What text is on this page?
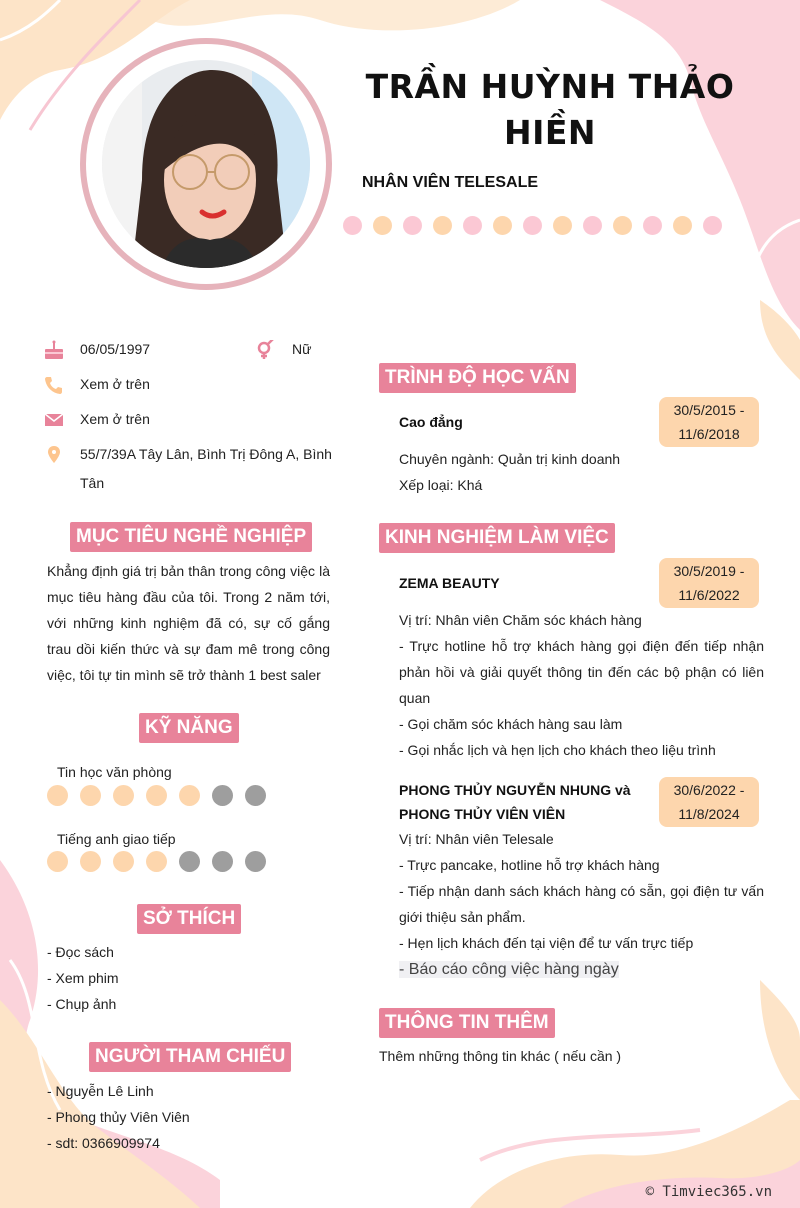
TRẦN HUỲNH THẢO HIỀN
NHÂN VIÊN TELESALE
06/05/1997	Nữ
Xem ở trên
Xem ở trên
55/7/39A Tây Lân, Bình Trị Đông A, Bình Tân
MỤC TIÊU NGHỀ NGHIỆP
Khẳng định giá trị bản thân trong công việc là mục tiêu hàng đầu của tôi. Trong 2 năm tới, với những kinh nghiệm đã có, sự cố gắng trau dồi kiến thức và sự đam mê trong công việc, tôi tự tin mình sẽ trở thành 1 best saler
KỸ NĂNG
Tin học văn phòng
Tiếng anh giao tiếp
SỞ THÍCH
- Đọc sách
- Xem phim
- Chụp ảnh
NGƯỜI THAM CHIẾU
- Nguyễn Lê Linh
- Phong thủy Viên Viên
- sdt: 0366909974
TRÌNH ĐỘ HỌC VẤN
Cao đẳng
30/5/2015 -
11/6/2018
Chuyên ngành: Quản trị kinh doanh
Xếp loại: Khá
KINH NGHIỆM LÀM VIỆC
ZEMA BEAUTY
30/5/2019 -
11/6/2022
Vị trí: Nhân viên Chăm sóc khách hàng
- Trực hotline hỗ trợ khách hàng gọi điện đến tiếp nhận phản hồi và giải quyết thông tin đến các bộ phận có liên quan
- Gọi chăm sóc khách hàng sau làm
- Gọi nhắc lịch và hẹn lịch cho khách theo liệu trình
PHONG THỦY NGUYỄN NHUNG và PHONG THỦY VIÊN VIÊN
30/6/2022 -
11/8/2024
Vị trí: Nhân viên Telesale
- Trực pancake, hotline hỗ trợ khách hàng
- Tiếp nhận danh sách khách hàng có sẵn, gọi điện tư vấn giới thiệu sản phẩm.
- Hẹn lịch khách đến tại viện để tư vấn trực tiếp
- Báo cáo công việc hàng ngày
THÔNG TIN THÊM
Thêm những thông tin khác ( nếu cần )
© Timviec365.vn
